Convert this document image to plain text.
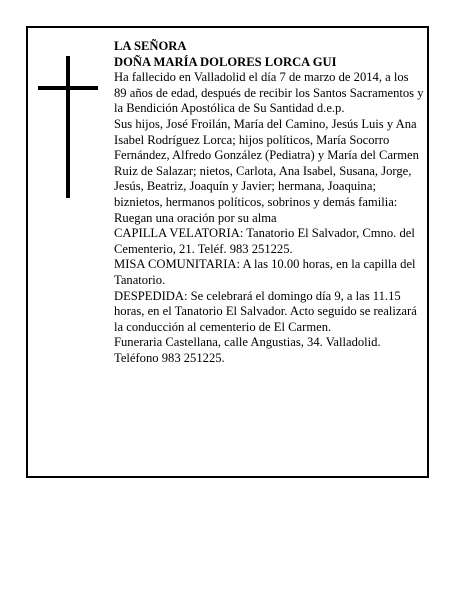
LA SEÑORA

DOÑA MARÍA DOLORES LORCA GUI

Ha fallecido en Valladolid el día 7 de marzo de 2014, a los 89 años de edad, después de recibir los Santos Sacramentos y la Bendición Apostólica de Su Santidad d.e.p.

Sus hijos, José Froilán, María del Camino, Jesús Luis y Ana Isabel Rodríguez Lorca; hijos políticos, María Socorro Fernández, Alfredo González (Pediatra) y María del Carmen Ruiz de Salazar; nietos, Carlota, Ana Isabel, Susana, Jorge, Jesús, Beatriz, Joaquín y Javier; hermana, Joaquina; biznietos, hermanos políticos, sobrinos y demás familia:

Ruegan una oración por su alma

CAPILLA VELATORIA: Tanatorio El Salvador, Cmno. del Cementerio, 21. Teléf. 983 251225.

MISA COMUNITARIA: A las 10.00 horas, en la capilla del Tanatorio.

DESPEDIDA: Se celebrará el domingo día 9, a las 11.15 horas, en el Tanatorio El Salvador. Acto seguido se realizará la conducción al cementerio de El Carmen.

Funeraria Castellana, calle Angustias, 34. Valladolid. Teléfono 983 251225.
